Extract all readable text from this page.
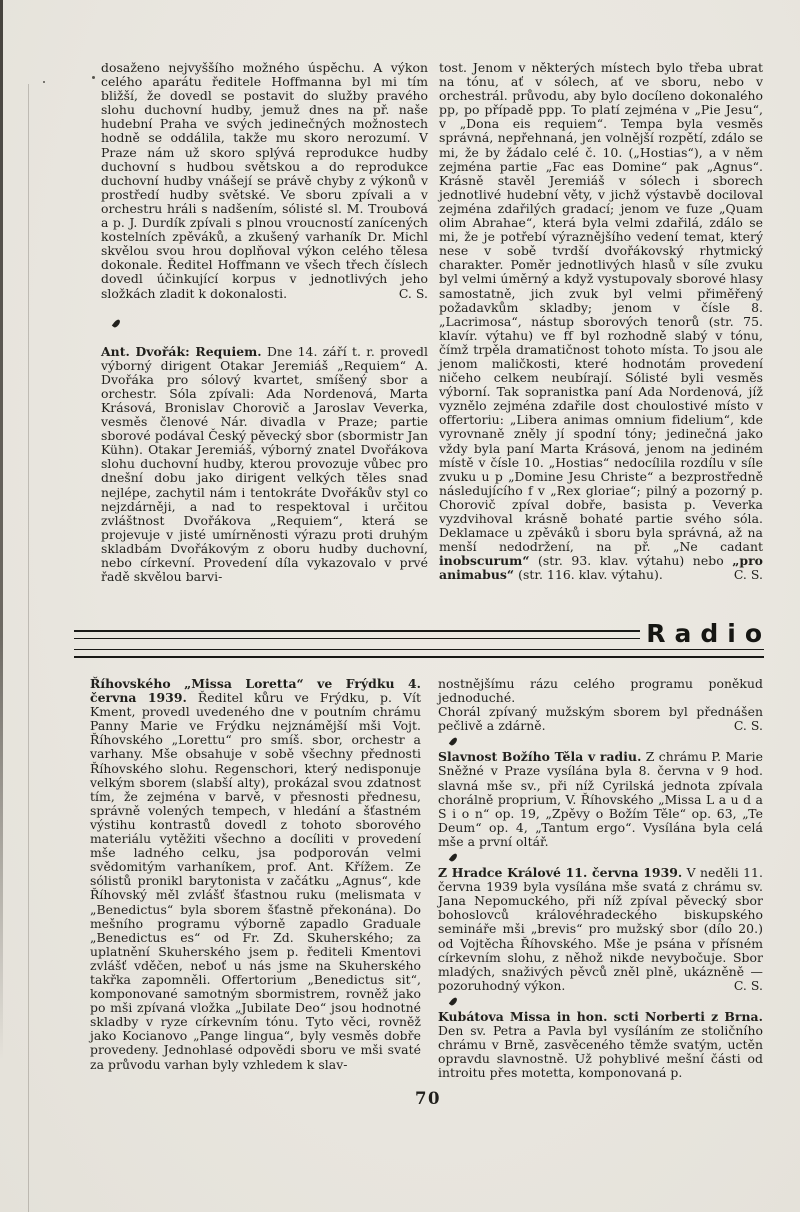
dosaženo nejvyššího možného úspěchu. A výkon celého aparátu ředitele Hoffmanna byl mi tím bližší, že dovedl se postavit do služby pravého slohu duchovní hudby, jemuž dnes na př. naše hudební Praha ve svých jedinečných možnostech hodně se oddálila, takže mu skoro nerozumí. V Praze nám už skoro splývá reprodukce hudby duchovní s hudbou světskou a do reprodukce duchovní hudby vnášejí se právě chyby z výkonů v prostředí hudby světské. Ve sboru zpívali a v orchestru hráli s nadšením, sólisté sl. M. Troubová a p. J. Durdík zpívali s plnou vroucností zanícených kostelních zpěváků, a zkušený varhaník Dr. Michl skvělou svou hrou doplňoval výkon celého tělesa dokonale. Ředitel Hoffmann ve všech třech číslech dovedl účinkující korpus v jednotlivých jeho složkách zladit k dokonalosti.	C. S.

Ant. Dvořák: Requiem. Dne 14. září t. r. provedl výborný dirigent Otakar Jeremiáš „Requiem“ A. Dvořáka pro sólový kvartet, smíšený sbor a orchestr. Sóla zpívali: Ada Nordenová, Marta Krásová, Bronislav Chorovič a Jaroslav Veverka, vesměs členové Nár. divadla v Praze; partie sborové podával Český pěvecký sbor (sbormistr Jan Kühn). Otakar Jeremiáš, výborný znatel Dvořákova slohu duchovní hudby, kterou provozuje vůbec pro dnešní dobu jako dirigent velkých těles snad nejlépe, zachytil nám i tentokráte Dvořákův styl co nejzdárněji, a nad to respektoval i určitou zvláštnost Dvořákova „Requiem“, která se projevuje v jisté umírněnosti výrazu proti druhým skladbám Dvořákovým z oboru hudby duchovní, nebo církevní. Provedení díla vykazovalo v prvé řadě skvělou barvi-

tost. Jenom v některých místech bylo třeba ubrat na tónu, ať v sólech, ať ve sboru, nebo v orchestrál. průvodu, aby bylo docíleno dokonalého pp, po případě ppp. To platí zejména v „Pie Jesu“, v „Dona eis requiem“. Tempa byla vesměs správná, nepřehnaná, jen volnější rozpětí, zdálo se mi, že by žádalo celé č. 10. („Hostias“), a v něm zejména partie „Fac eas Domine“ pak „Agnus“. Krásně stavěl Jeremiáš v sólech i sborech jednotlivé hudební věty, v jichž výstavbě dociloval zejména zdařilých gradací; jenom ve fuze „Quam olim Abrahae“, která byla velmi zdařilá, zdálo se mi, že je potřebí výraznějšího vedení temat, který nese v sobě tvrdší dvořákovský rhytmický charakter. Poměr jednotlivých hlasů v síle zvuku byl velmi úměrný a když vystupovaly sborové hlasy samostatně, jich zvuk byl velmi přiměřený požadavkům skladby; jenom v čísle 8. „Lacrimosa“, nástup sborových tenorů (str. 75. klavír. výtahu) ve ff byl rozhodně slabý v tónu, čímž trpěla dramatičnost tohoto místa. To jsou ale jenom maličkosti, které hodnotám provedení ničeho celkem neubírají. Sólisté byli vesměs výborní. Tak sopranistka paní Ada Nordenová, jíž vyznělo zejména zdařile dost choulostivé místo v offertoriu: „Libera animas omnium fidelium“, kde vyrovnaně zněly jí spodní tóny; jedinečná jako vždy byla paní Marta Krásová, jenom na jediném místě v čísle 10. „Hostias“ nedocílila rozdílu v síle zvuku u p „Domine Jesu Christe“ a bezprostředně následujícího f v „Rex gloriae“; pilný a pozorný p. Chorovič zpíval dobře, basista p. Veverka vyzdvihoval krásně bohaté partie svého sóla. Deklamace u zpěváků i sboru byla správná, až na menší nedodržení, na př. „Ne cadant inobscurum“ (str. 93. klav. výtahu) nebo „pro animabus“ (str. 116. klav. výtahu).	C. S.

Radio

Říhovského „Missa Loretta“ ve Frýdku 4. června 1939. Ředitel kůru ve Frýdku, p. Vít Kment, provedl uvedeného dne v poutním chrámu Panny Marie ve Frýdku nejznámější mši Vojt. Říhovského „Lorettu“ pro smíš. sbor, orchestr a varhany. Mše obsahuje v sobě všechny přednosti Říhovského slohu. Regenschori, který nedisponuje velkým sborem (slabší alty), prokázal svou zdatnost tím, že zejména v barvě, v přesnosti přednesu, správně volených tempech, v hledání a šťastném výstihu kontrastů dovedl z tohoto sborového materiálu vytěžiti všechno a docíliti v provedení mše ladného celku, jsa podporován velmi svědomitým varhaníkem, prof. Ant. Křížem. Ze sólistů pronikl barytonista v začátku „Agnus“, kde Říhovský měl zvlášť šťastnou ruku (melismata v „Benedictus“ byla sborem šťastně překonána). Do mešního programu výborně zapadlo Graduale „Benedictus es“ od Fr. Zd. Skuherského; za uplatnění Skuherského jsem p. řediteli Kmentovi zvlášť vděčen, neboť u nás jsme na Skuherského takřka zapomněli. Offertorium „Benedictus sit“, komponované samotným sbormistrem, rovněž jako po mši zpívaná vložka „Jubilate Deo“ jsou hodnotné skladby v ryze církevním tónu. Tyto věci, rovněž jako Kocianovo „Pange lingua“, byly vesměs dobře provedeny. Jednohlasé odpovědi sboru ve mši svaté za průvodu varhan byly vzhledem k slav-

nostnějšímu rázu celého programu poněkud jednoduché.

Chorál zpívaný mužským sborem byl přednášen pečlivě a zdárně.	C. S.

Slavnost Božího Těla v radiu. Z chrámu P. Marie Sněžné v Praze vysílána byla 8. června v 9 hod. slavná mše sv., při níž Cyrilská jednota zpívala chorálně proprium, V. Říhovského „Missa L a u d a S i o n“ op. 19, „Zpěvy o Božím Těle“ op. 63, „Te Deum“ op. 4, „Tantum ergo“. Vysílána byla celá mše a první oltář.

Z Hradce Králové 11. června 1939. V neděli 11. června 1939 byla vysílána mše svatá z chrámu sv. Jana Nepomuckého, při níž zpíval pěvecký sbor bohoslovců královéhradeckého biskupského semináře mši „brevis“ pro mužský sbor (dílo 20.) od Vojtěcha Říhovského. Mše je psána v přísném církevním slohu, z něhož nikde nevybočuje. Sbor mladých, snaživých pěvců zněl plně, ukázněně — pozoruhodný výkon.	C. S.

Kubátova Missa in hon. scti Norberti z Brna. Den sv. Petra a Pavla byl vysíláním ze stoličního chrámu v Brně, zasvěceného těmže svatým, uctěn opravdu slavnostně. Už pohyblivé mešní části od introitu přes motetta, komponovaná p.

70
